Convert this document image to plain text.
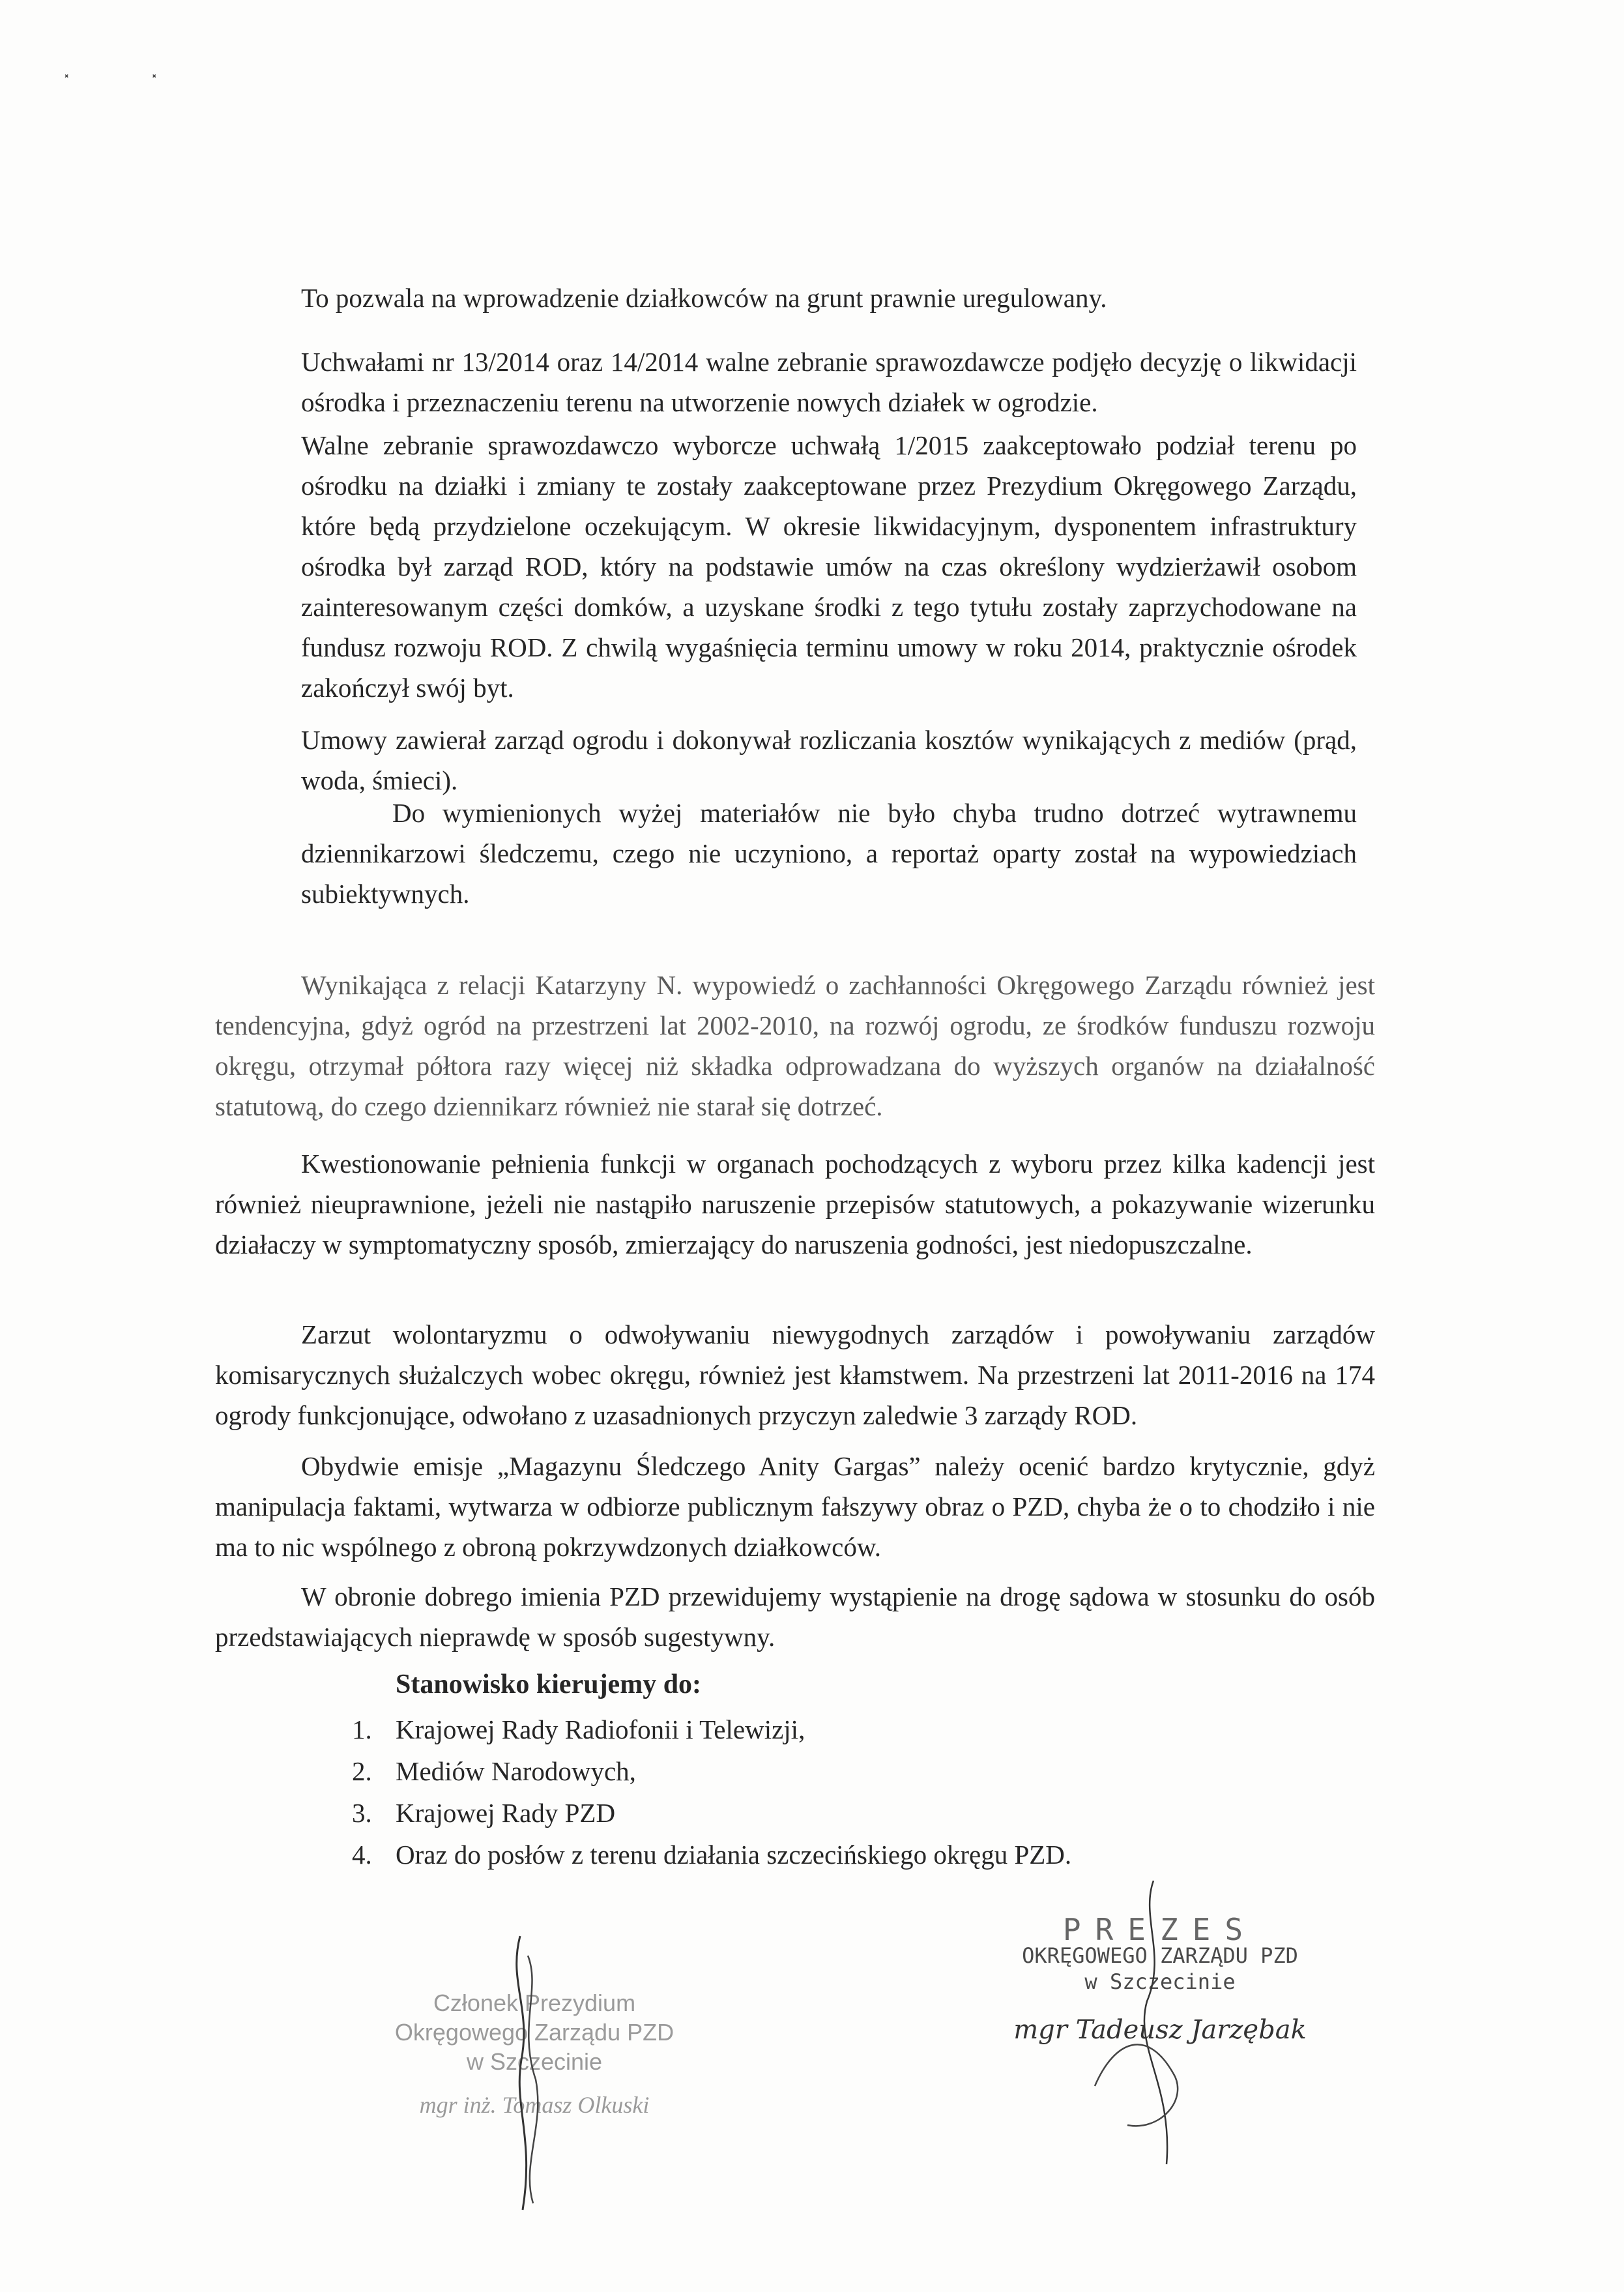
⸼ ⸼

To pozwala na wprowadzenie działkowców na grunt prawnie uregulowany.

Uchwałami nr 13/2014 oraz 14/2014 walne zebranie sprawozdawcze podjęło decyzję o likwidacji ośrodka i przeznaczeniu terenu na utworzenie nowych działek w ogrodzie.

Walne zebranie sprawozdawczo wyborcze uchwałą 1/2015 zaakceptowało podział terenu po ośrodku na działki i zmiany te zostały zaakceptowane przez Prezydium Okręgowego Zarządu, które będą przydzielone oczekującym. W okresie likwidacyjnym, dysponentem infrastruktury ośrodka był zarząd ROD, który na podstawie umów na czas określony wydzierżawił osobom zainteresowanym części domków, a uzyskane środki z tego tytułu zostały zaprzychodowane na fundusz rozwoju ROD. Z chwilą wygaśnięcia terminu umowy w roku 2014, praktycznie ośrodek zakończył swój byt.

Umowy zawierał zarząd ogrodu i dokonywał rozliczania kosztów wynikających z mediów (prąd, woda, śmieci).

Do wymienionych wyżej materiałów nie było chyba trudno dotrzeć wytrawnemu dziennikarzowi śledczemu, czego nie uczyniono, a reportaż oparty został na wypowiedziach subiektywnych.

Wynikająca z relacji Katarzyny N. wypowiedź o zachłanności Okręgowego Zarządu również jest tendencyjna, gdyż ogród na przestrzeni lat 2002-2010, na rozwój ogrodu, ze środków funduszu rozwoju okręgu, otrzymał półtora razy więcej niż składka odprowadzana do wyższych organów na działalność statutową, do czego dziennikarz również nie starał się dotrzeć.

Kwestionowanie pełnienia funkcji w organach pochodzących z wyboru przez kilka kadencji jest również nieuprawnione, jeżeli nie nastąpiło naruszenie przepisów statutowych, a pokazywanie wizerunku działaczy w symptomatyczny sposób, zmierzający do naruszenia godności, jest niedopuszczalne.

Zarzut wolontaryzmu o odwoływaniu niewygodnych zarządów i powoływaniu zarządów komisarycznych służalczych wobec okręgu, również jest kłamstwem. Na przestrzeni lat 2011-2016 na 174 ogrody funkcjonujące, odwołano z uzasadnionych przyczyn zaledwie 3 zarządy ROD.

Obydwie emisje „Magazynu Śledczego Anity Gargas” należy ocenić bardzo krytycznie, gdyż manipulacja faktami, wytwarza w odbiorze publicznym fałszywy obraz o PZD, chyba że o to chodziło i nie ma to nic wspólnego z obroną pokrzywdzonych działkowców.

W obronie dobrego imienia PZD przewidujemy wystąpienie na drogę sądowa w stosunku do osób przedstawiających nieprawdę w sposób sugestywny.

Stanowisko kierujemy do:

1. Krajowej Rady Radiofonii i Telewizji,
2. Mediów Narodowych,
3. Krajowej Rady PZD
4. Oraz do posłów z terenu działania szczecińskiego okręgu PZD.
Członek Prezydium
Okręgowego Zarządu PZD
w Szczecinie
mgr inż. Tomasz Olkuski
PREZES
OKRĘGOWEGO ZARZĄDU PZD
w Szczecinie
mgr Tadeusz Jarzębak
